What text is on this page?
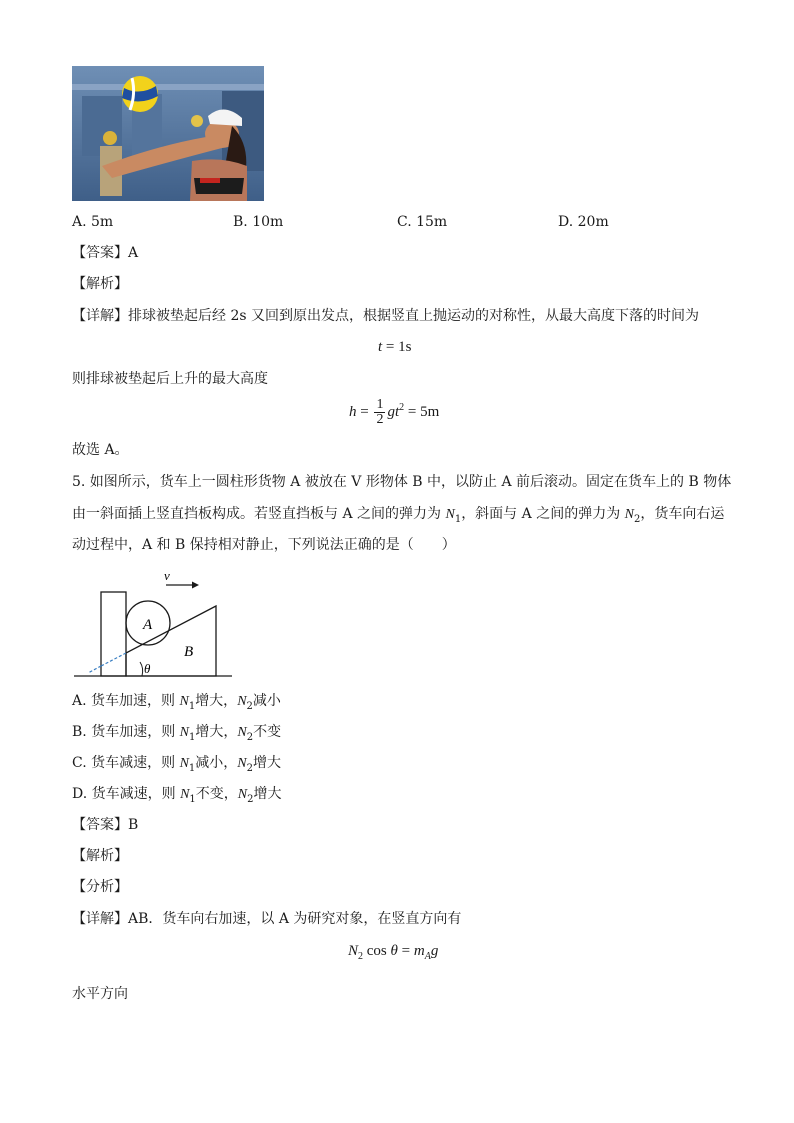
A. 5m	B. 10m	C. 15m	D. 20m
【答案】A
【解析】
【详解】排球被垫起后经 2s 又回到原出发点，根据竖直上抛运动的对称性，从最大高度下落的时间为
t = 1s
则排球被垫起后上升的最大高度
$h = \frac{1}{2} gt^2 = 5m$
故选 A。
5. 如图所示，货车上一圆柱形货物 A 被放在 V 形物体 B 中，以防止 A 前后滚动。固定在货车上的 B 物体
由一斜面插上竖直挡板构成。若竖直挡板与 A 之间的弹力为 $N_1$，斜面与 A 之间的弹力为 $N_2$，货车向右运
动过程中，A 和 B 保持相对静止，下列说法正确的是（　　）
v
A
B
θ
A. 货车加速，则 $N_1$增大，$N_2$减小
B. 货车加速，则 $N_1$增大，$N_2$不变
C. 货车减速，则 $N_1$减小，$N_2$增大
D. 货车减速，则 $N_1$不变，$N_2$增大
【答案】B
【解析】
【分析】
【详解】AB．货车向右加速，以 A 为研究对象，在竖直方向有
$N_2$ $\cos \theta = m_Ag$
水平方向
